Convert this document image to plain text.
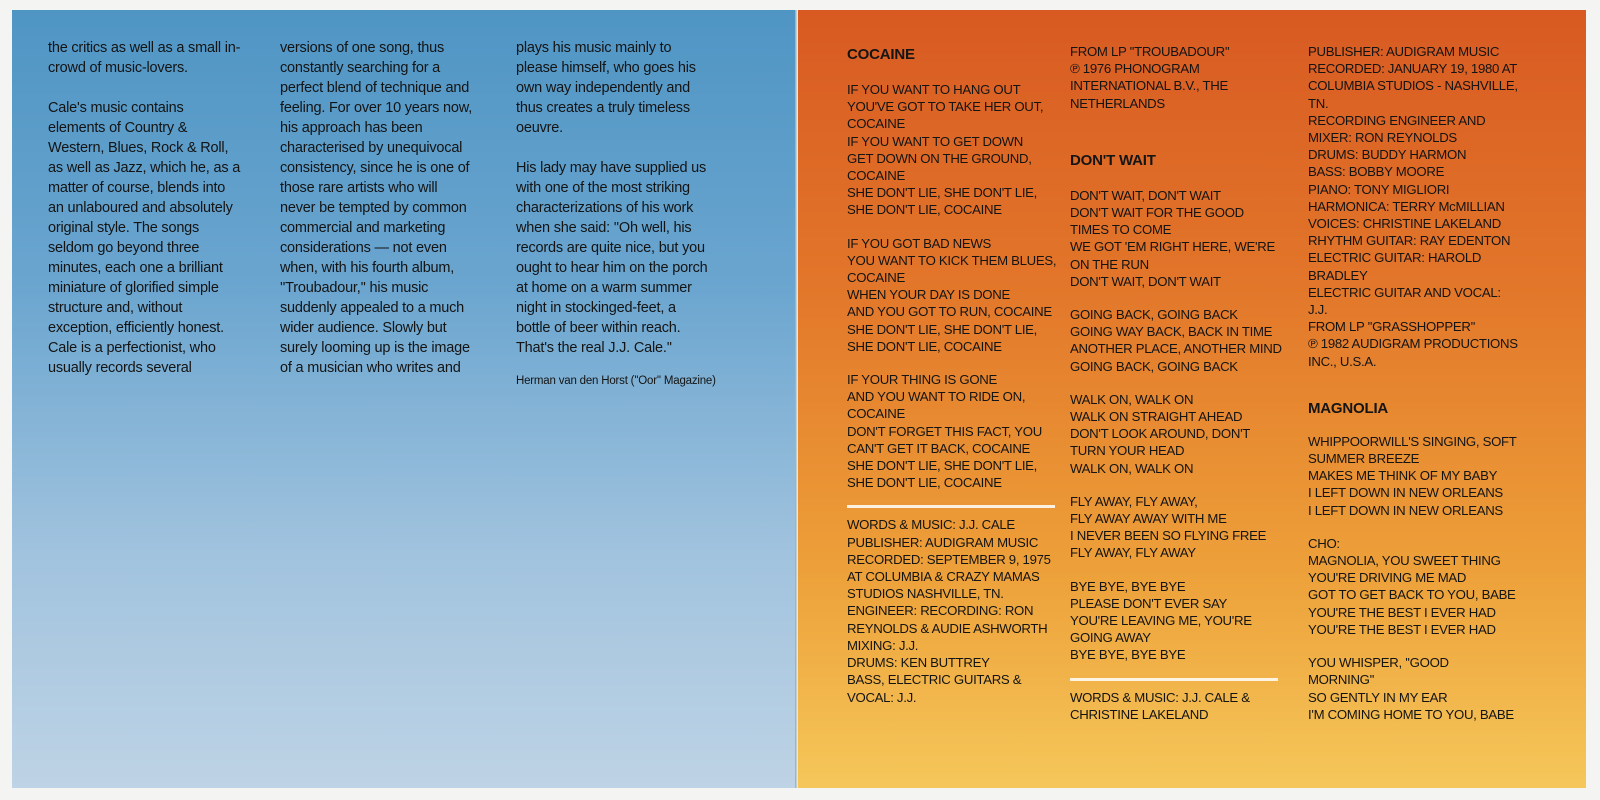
the critics as well as a small in-
crowd of music-lovers.

Cale's music contains
elements of Country &
Western, Blues, Rock & Roll,
as well as Jazz, which he, as a
matter of course, blends into
an unlaboured and absolutely
original style. The songs
seldom go beyond three
minutes, each one a brilliant
miniature of glorified simple
structure and, without
exception, efficiently honest.
Cale is a perfectionist, who
usually records several

versions of one song, thus
constantly searching for a
perfect blend of technique and
feeling. For over 10 years now,
his approach has been
characterised by unequivocal
consistency, since he is one of
those rare artists who will
never be tempted by common
commercial and marketing
considerations — not even
when, with his fourth album,
''Troubadour,'' his music
suddenly appealed to a much
wider audience. Slowly but
surely looming up is the image
of a musician who writes and

plays his music mainly to
please himself, who goes his
own way independently and
thus creates a truly timeless
oeuvre.

His lady may have supplied us
with one of the most striking
characterizations of his work
when she said: ''Oh well, his
records are quite nice, but you
ought to hear him on the porch
at home on a warm summer
night in stockinged-feet, a
bottle of beer within reach.
That's the real J.J. Cale.''

Herman van den Horst (''Oor'' Magazine)

COCAINE

IF YOU WANT TO HANG OUT
YOU'VE GOT TO TAKE HER OUT,
COCAINE
IF YOU WANT TO GET DOWN
GET DOWN ON THE GROUND,
COCAINE
SHE DON'T LIE, SHE DON'T LIE,
SHE DON'T LIE, COCAINE

IF YOU GOT BAD NEWS
YOU WANT TO KICK THEM BLUES,
COCAINE
WHEN YOUR DAY IS DONE
AND YOU GOT TO RUN, COCAINE
SHE DON'T LIE, SHE DON'T LIE,
SHE DON'T LIE, COCAINE

IF YOUR THING IS GONE
AND YOU WANT TO RIDE ON,
COCAINE
DON'T FORGET THIS FACT, YOU
CAN'T GET IT BACK, COCAINE
SHE DON'T LIE, SHE DON'T LIE,
SHE DON'T LIE, COCAINE

WORDS & MUSIC: J.J. CALE
PUBLISHER: AUDIGRAM MUSIC
RECORDED: SEPTEMBER 9, 1975
AT COLUMBIA & CRAZY MAMAS
STUDIOS NASHVILLE, TN.
ENGINEER: RECORDING: RON
REYNOLDS & AUDIE ASHWORTH
MIXING: J.J.
DRUMS: KEN BUTTREY
BASS, ELECTRIC GUITARS &
VOCAL: J.J.

FROM LP ''TROUBADOUR''
℗ 1976 PHONOGRAM
INTERNATIONAL B.V., THE
NETHERLANDS

DON'T WAIT

DON'T WAIT, DON'T WAIT
DON'T WAIT FOR THE GOOD
TIMES TO COME
WE GOT 'EM RIGHT HERE, WE'RE
ON THE RUN
DON'T WAIT, DON'T WAIT

GOING BACK, GOING BACK
GOING WAY BACK, BACK IN TIME
ANOTHER PLACE, ANOTHER MIND
GOING BACK, GOING BACK

WALK ON, WALK ON
WALK ON STRAIGHT AHEAD
DON'T LOOK AROUND, DON'T
TURN YOUR HEAD
WALK ON, WALK ON

FLY AWAY, FLY AWAY,
FLY AWAY AWAY WITH ME
I NEVER BEEN SO FLYING FREE
FLY AWAY, FLY AWAY

BYE BYE, BYE BYE
PLEASE DON'T EVER SAY
YOU'RE LEAVING ME, YOU'RE
GOING AWAY
BYE BYE, BYE BYE

WORDS & MUSIC: J.J. CALE &
CHRISTINE LAKELAND

PUBLISHER: AUDIGRAM MUSIC
RECORDED: JANUARY 19, 1980 AT
COLUMBIA STUDIOS - NASHVILLE,
TN.
RECORDING ENGINEER AND
MIXER: RON REYNOLDS
DRUMS: BUDDY HARMON
BASS: BOBBY MOORE
PIANO: TONY MIGLIORI
HARMONICA: TERRY McMILLIAN
VOICES: CHRISTINE LAKELAND
RHYTHM GUITAR: RAY EDENTON
ELECTRIC GUITAR: HAROLD
BRADLEY
ELECTRIC GUITAR AND VOCAL:
J.J.
FROM LP ''GRASSHOPPER''
℗ 1982 AUDIGRAM PRODUCTIONS
INC., U.S.A.

MAGNOLIA

WHIPPOORWILL'S SINGING, SOFT
SUMMER BREEZE
MAKES ME THINK OF MY BABY
I LEFT DOWN IN NEW ORLEANS
I LEFT DOWN IN NEW ORLEANS

CHO:
MAGNOLIA, YOU SWEET THING
YOU'RE DRIVING ME MAD
GOT TO GET BACK TO YOU, BABE
YOU'RE THE BEST I EVER HAD
YOU'RE THE BEST I EVER HAD

YOU WHISPER, ''GOOD
MORNING''
SO GENTLY IN MY EAR
I'M COMING HOME TO YOU, BABE
